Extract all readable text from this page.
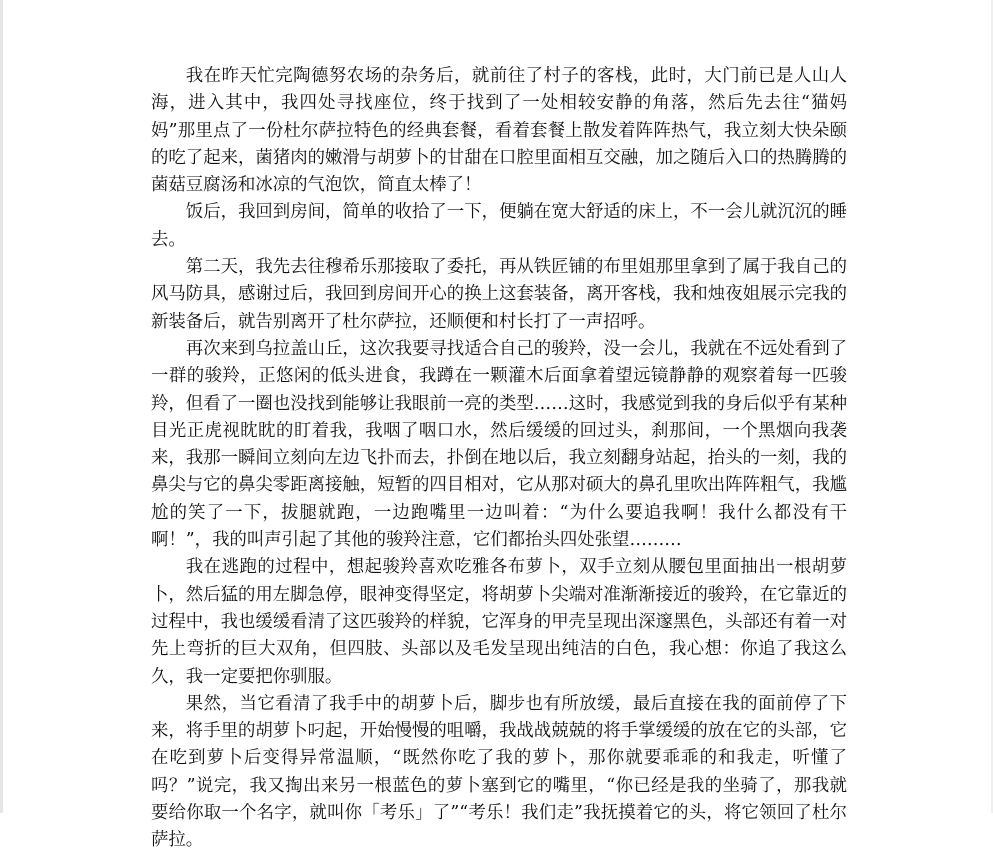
我在昨天忙完陶德努农场的杂务后，就前往了村子的客栈，此时，大门前已是人山人海，进入其中，我四处寻找座位，终于找到了一处相较安静的角落，然后先去往“猫妈妈”那里点了一份杜尔萨拉特色的经典套餐，看着套餐上散发着阵阵热气，我立刻大快朵颐的吃了起来，菌猪肉的嫩滑与胡萝卜的甘甜在口腔里面相互交融，加之随后入口的热腾腾的菌菇豆腐汤和冰凉的气泡饮，简直太棒了！

饭后，我回到房间，简单的收拾了一下，便躺在宽大舒适的床上，不一会儿就沉沉的睡去。

第二天，我先去往穆希乐那接取了委托，再从铁匠铺的布里姐那里拿到了属于我自己的风马防具，感谢过后，我回到房间开心的换上这套装备，离开客栈，我和烛夜姐展示完我的新装备后，就告别离开了杜尔萨拉，还顺便和村长打了一声招呼。

再次来到乌拉盖山丘，这次我要寻找适合自己的骏羚，没一会儿，我就在不远处看到了一群的骏羚，正悠闲的低头进食，我蹲在一颗灌木后面拿着望远镜静静的观察着每一匹骏羚，但看了一圈也没找到能够让我眼前一亮的类型……这时，我感觉到我的身后似乎有某种目光正虎视眈眈的盯着我，我咽了咽口水，然后缓缓的回过头，刹那间，一个黑烟向我袭来，我那一瞬间立刻向左边飞扑而去，扑倒在地以后，我立刻翻身站起，抬头的一刻，我的鼻尖与它的鼻尖零距离接触，短暂的四目相对，它从那对硕大的鼻孔里吹出阵阵粗气，我尴尬的笑了一下，拔腿就跑，一边跑嘴里一边叫着：“为什么要追我啊！我什么都没有干啊！”，我的叫声引起了其他的骏羚注意，它们都抬头四处张望………

我在逃跑的过程中，想起骏羚喜欢吃雅各布萝卜，双手立刻从腰包里面抽出一根胡萝卜，然后猛的用左脚急停，眼神变得坚定，将胡萝卜尖端对准渐渐接近的骏羚，在它靠近的过程中，我也缓缓看清了这匹骏羚的样貌，它浑身的甲壳呈现出深邃黑色，头部还有着一对先上弯折的巨大双角，但四肢、头部以及毛发呈现出纯洁的白色，我心想：你追了我这么久，我一定要把你驯服。

果然，当它看清了我手中的胡萝卜后，脚步也有所放缓，最后直接在我的面前停了下来，将手里的胡萝卜叼起，开始慢慢的咀嚼，我战战兢兢的将手掌缓缓的放在它的头部，它在吃到萝卜后变得异常温顺，“既然你吃了我的萝卜，那你就要乖乖的和我走，听懂了吗？”说完，我又掏出来另一根蓝色的萝卜塞到它的嘴里，“你已经是我的坐骑了，那我就要给你取一个名字，就叫你「考乐」了”“考乐！我们走”我抚摸着它的头，将它领回了杜尔萨拉。
